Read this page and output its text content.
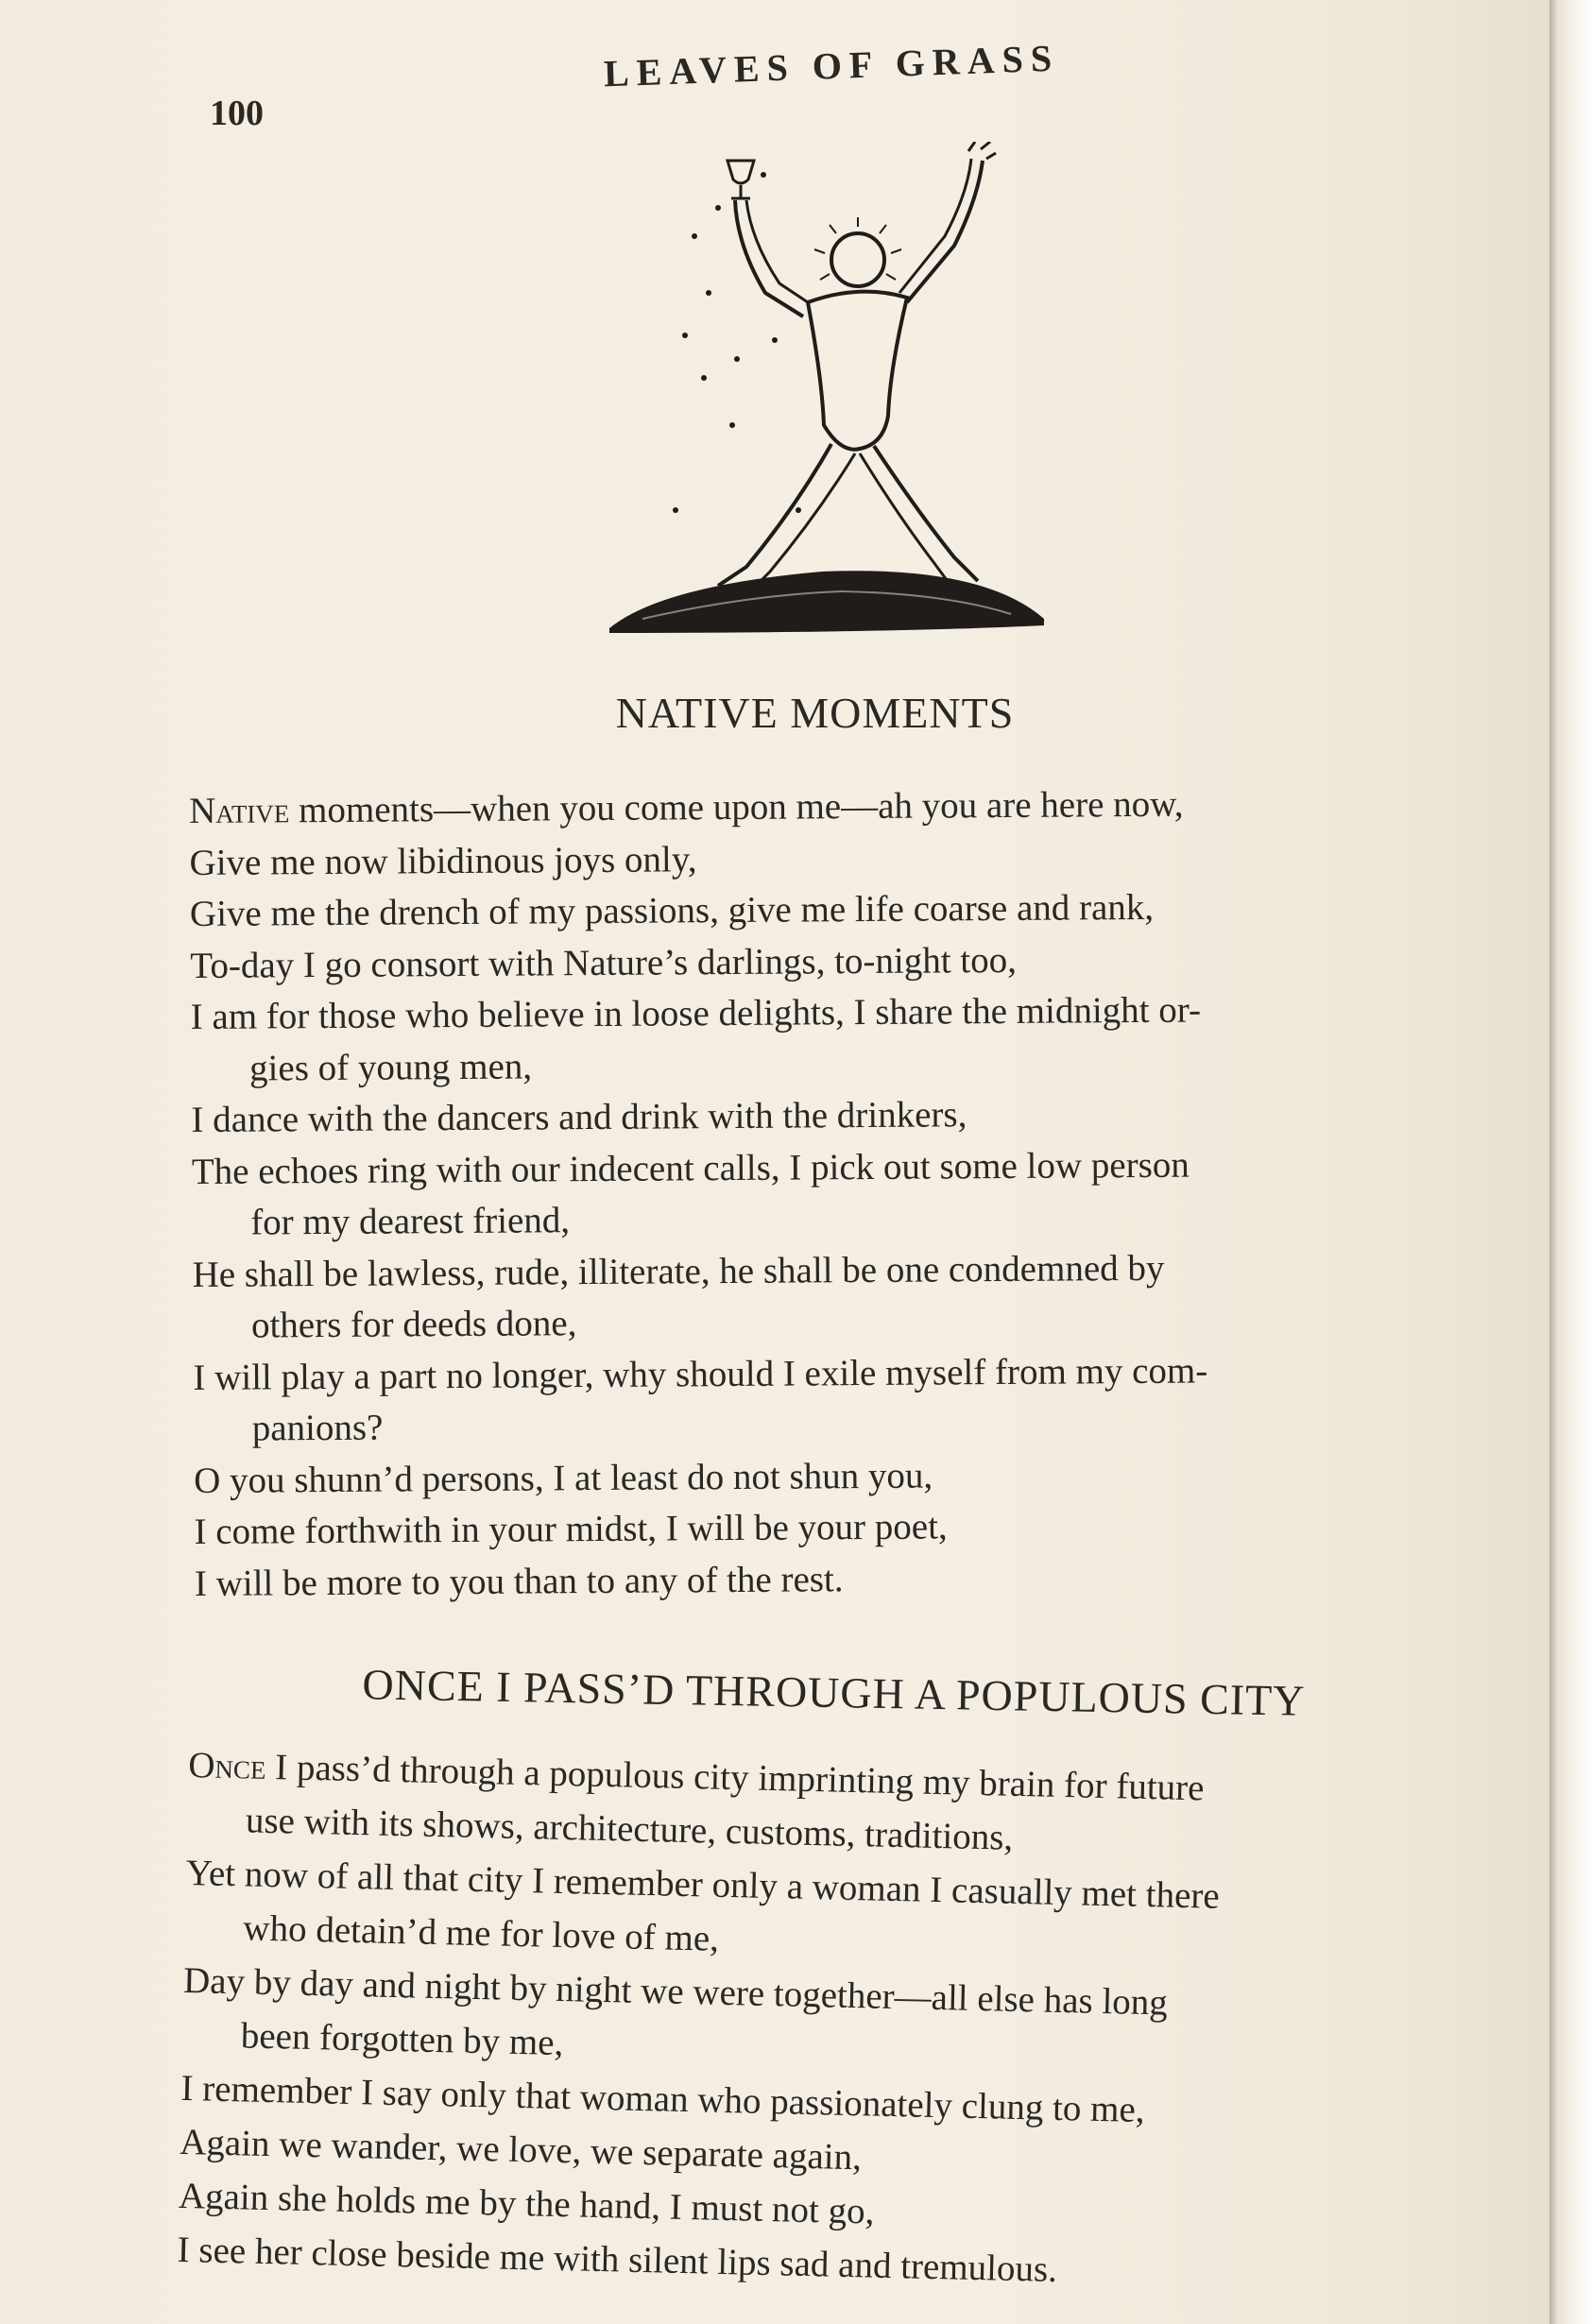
LEAVES OF GRASS
100
NATIVE MOMENTS
Native moments—when you come upon me—ah you are here now,
Give me now libidinous joys only,
Give me the drench of my passions, give me life coarse and rank,
To-day I go consort with Nature’s darlings, to-night too,
I am for those who believe in loose delights, I share the midnight or-
gies of young men,
I dance with the dancers and drink with the drinkers,
The echoes ring with our indecent calls, I pick out some low person
for my dearest friend,
He shall be lawless, rude, illiterate, he shall be one condemned by
others for deeds done,
I will play a part no longer, why should I exile myself from my com-
panions?
O you shunn’d persons, I at least do not shun you,
I come forthwith in your midst, I will be your poet,
I will be more to you than to any of the rest.
ONCE I PASS’D THROUGH A POPULOUS CITY
Once I pass’d through a populous city imprinting my brain for future
use with its shows, architecture, customs, traditions,
Yet now of all that city I remember only a woman I casually met there
who detain’d me for love of me,
Day by day and night by night we were together—all else has long
been forgotten by me,
I remember I say only that woman who passionately clung to me,
Again we wander, we love, we separate again,
Again she holds me by the hand, I must not go,
I see her close beside me with silent lips sad and tremulous.
